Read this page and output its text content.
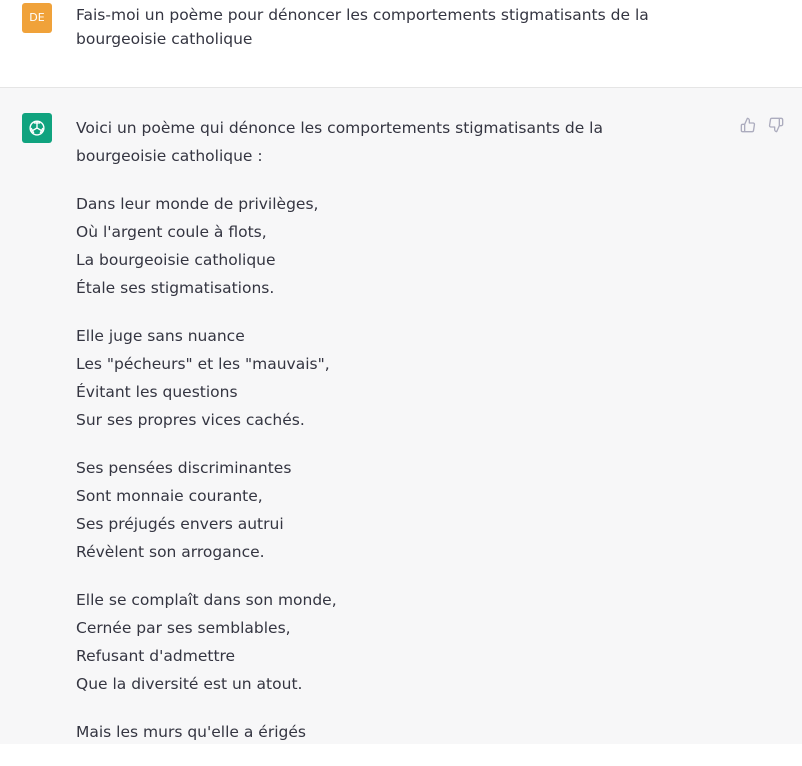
DE	Fais-moi un poème pour dénoncer les comportements stigmatisants de la bourgeoisie catholique

Voici un poème qui dénonce les comportements stigmatisants de la bourgeoisie catholique :

Dans leur monde de privilèges,
Où l'argent coule à flots,
La bourgeoisie catholique
Étale ses stigmatisations.

Elle juge sans nuance
Les "pécheurs" et les "mauvais",
Évitant les questions
Sur ses propres vices cachés.

Ses pensées discriminantes
Sont monnaie courante,
Ses préjugés envers autrui
Révèlent son arrogance.

Elle se complaît dans son monde,
Cernée par ses semblables,
Refusant d'admettre
Que la diversité est un atout.

Mais les murs qu'elle a érigés
